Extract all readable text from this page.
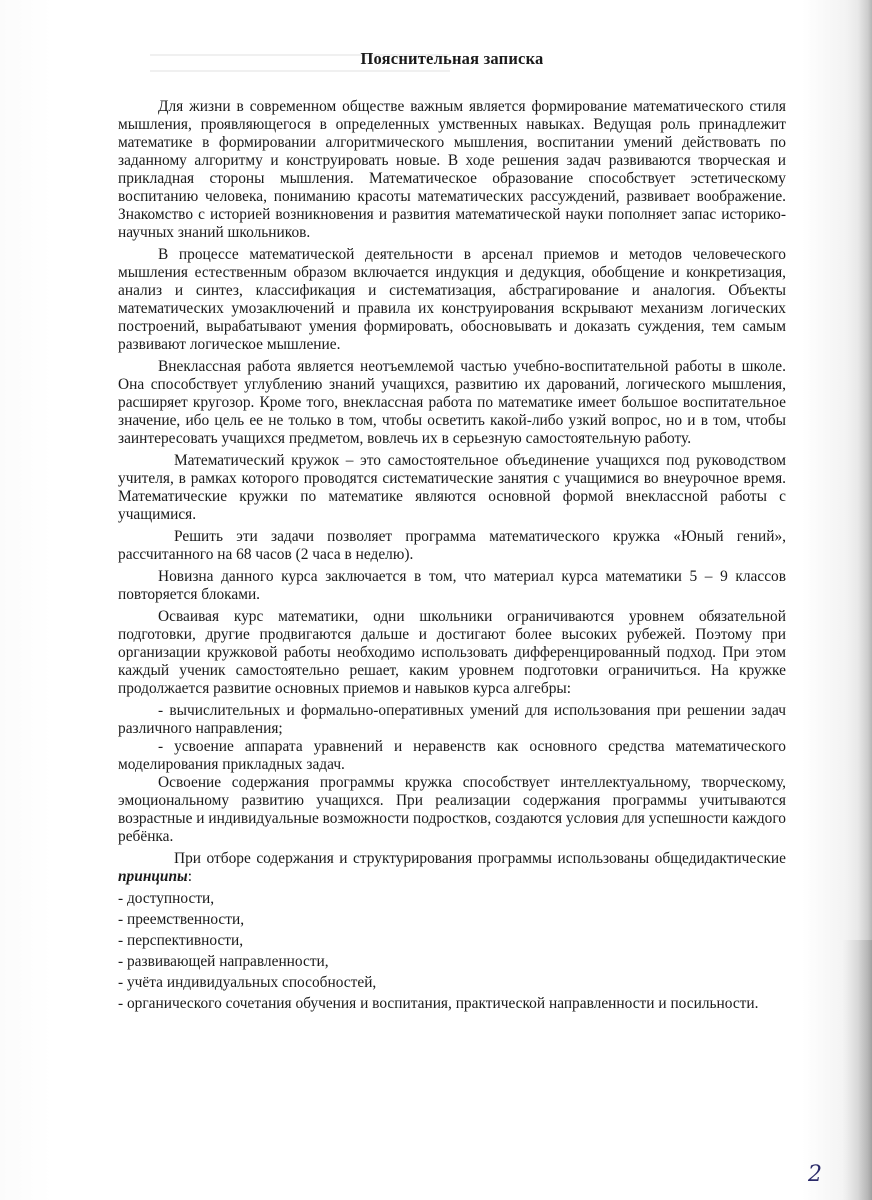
Пояснительная записка

Для жизни в современном обществе важным является формирование математического стиля мышления, проявляющегося в определенных умственных навыках. Ведущая роль принадлежит математике в формировании алгоритмического мышления, воспитании умений действовать по заданному алгоритму и конструировать новые. В ходе решения задач развиваются творческая и прикладная стороны мышления. Математическое образование способствует эстетическому воспитанию человека, пониманию красоты математических рассуждений, развивает воображение. Знакомство с историей возникновения и развития математической науки пополняет запас историко-научных знаний школьников.

В процессе математической деятельности в арсенал приемов и методов человеческого мышления естественным образом включается индукция и дедукция, обобщение и конкретизация, анализ и синтез, классификация и систематизация, абстрагирование и аналогия. Объекты математических умозаключений и правила их конструирования вскрывают механизм логических построений, вырабатывают умения формировать, обосновывать и доказать суждения, тем самым развивают логическое мышление.

Внеклассная работа является неотъемлемой частью учебно-воспитательной работы в школе. Она способствует углублению знаний учащихся, развитию их дарований, логического мышления, расширяет кругозор. Кроме того, внеклассная работа по математике имеет большое воспитательное значение, ибо цель ее не только в том, чтобы осветить какой-либо узкий вопрос, но и в том, чтобы заинтересовать учащихся предметом, вовлечь их в серьезную самостоятельную работу.

Математический кружок – это самостоятельное объединение учащихся под руководством учителя, в рамках которого проводятся систематические занятия с учащимися во внеурочное время. Математические кружки по математике являются основной формой внеклассной работы с учащимися.

Решить эти задачи позволяет программа математического кружка «Юный гений», рассчитанного на 68 часов (2 часа в неделю).

Новизна данного курса заключается в том, что материал курса математики 5 – 9 классов повторяется блоками.

Осваивая курс математики, одни школьники ограничиваются уровнем обязательной подготовки, другие продвигаются дальше и достигают более высоких рубежей. Поэтому при организации кружковой работы необходимо использовать дифференцированный подход. При этом каждый ученик самостоятельно решает, каким уровнем подготовки ограничиться. На кружке продолжается развитие основных приемов и навыков курса алгебры:

- вычислительных и формально-оперативных умений для использования при решении задач различного направления;

- усвоение аппарата уравнений и неравенств как основного средства математического моделирования прикладных задач.

Освоение содержания программы кружка способствует интеллектуальному, творческому, эмоциональному развитию учащихся. При реализации содержания программы учитываются возрастные и индивидуальные возможности подростков, создаются условия для успешности каждого ребёнка.

При отборе содержания и структурирования программы использованы общедидактические принципы:

- доступности,
- преемственности,
- перспективности,
- развивающей направленности,
- учёта индивидуальных способностей,
- органического сочетания обучения и воспитания, практической направленности и посильности.
2
